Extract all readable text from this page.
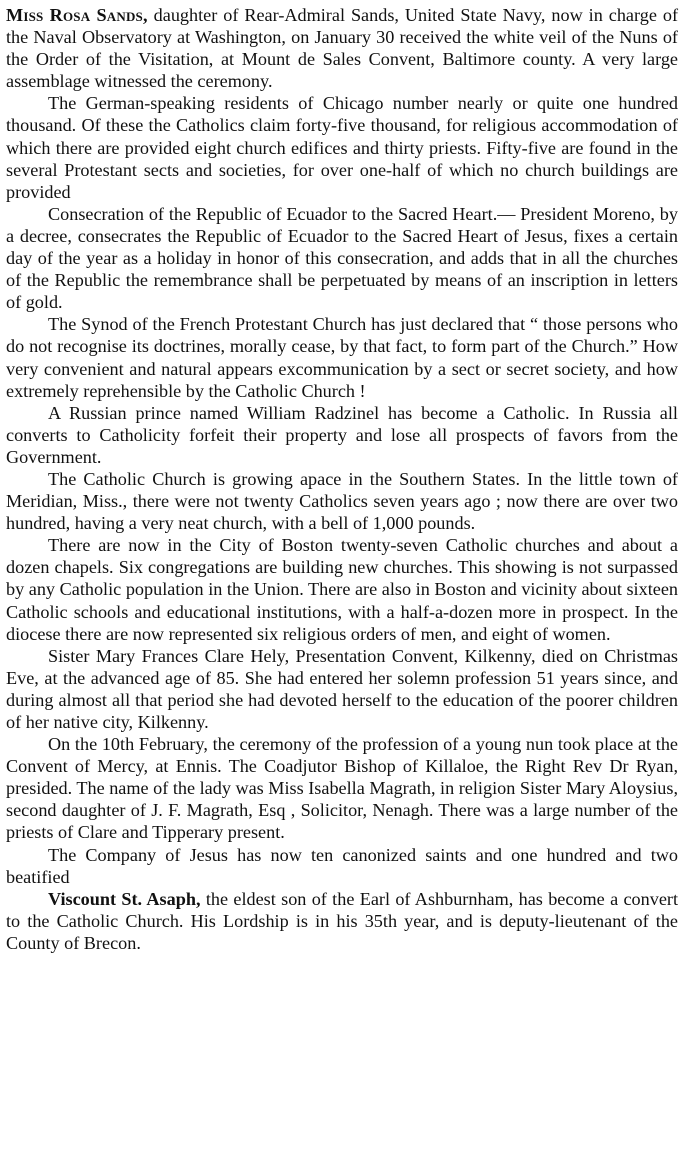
Miss Rosa Sands, daughter of Rear-Admiral Sands, United State Navy, now in charge of the Naval Observatory at Washington, on January 30 received the white veil of the Nuns of the Order of the Visitation, at Mount de Sales Convent, Baltimore county. A very large assemblage witnessed the ceremony.

The German-speaking residents of Chicago number nearly or quite one hundred thousand. Of these the Catholics claim forty-five thousand, for religious accommodation of which there are provided eight church edifices and thirty priests. Fifty-five are found in the several Protestant sects and societies, for over one-half of which no church buildings are provided

Consecration of the Republic of Ecuador to the Sacred Heart.— President Moreno, by a decree, consecrates the Republic of Ecuador to the Sacred Heart of Jesus, fixes a certain day of the year as a holiday in honor of this consecration, and adds that in all the churches of the Republic the remembrance shall be perpetuated by means of an inscription in letters of gold.

The Synod of the French Protestant Church has just declared that “ those persons who do not recognise its doctrines, morally cease, by that fact, to form part of the Church.” How very convenient and natural appears excommunication by a sect or secret society, and how extremely reprehensible by the Catholic Church !

A Russian prince named William Radzinel has become a Catholic. In Russia all converts to Catholicity forfeit their property and lose all prospects of favors from the Government.

The Catholic Church is growing apace in the Southern States. In the little town of Meridian, Miss., there were not twenty Catholics seven years ago ; now there are over two hundred, having a very neat church, with a bell of 1,000 pounds.

There are now in the City of Boston twenty-seven Catholic churches and about a dozen chapels. Six congregations are building new churches. This showing is not surpassed by any Catholic population in the Union. There are also in Boston and vicinity about sixteen Catholic schools and educational institutions, with a half-a-dozen more in prospect. In the diocese there are now represented six religious orders of men, and eight of women.

Sister Mary Frances Clare Hely, Presentation Convent, Kilkenny, died on Christmas Eve, at the advanced age of 85. She had entered her solemn profession 51 years since, and during almost all that period she had devoted herself to the education of the poorer children of her native city, Kilkenny.

On the 10th February, the ceremony of the profession of a young nun took place at the Convent of Mercy, at Ennis. The Coadjutor Bishop of Killaloe, the Right Rev Dr Ryan, presided. The name of the lady was Miss Isabella Magrath, in religion Sister Mary Aloysius, second daughter of J. F. Magrath, Esq , Solicitor, Nenagh. There was a large number of the priests of Clare and Tipperary present.

The Company of Jesus has now ten canonized saints and one hundred and two beatified

Viscount St. Asaph, the eldest son of the Earl of Ashburnham, has become a convert to the Catholic Church. His Lordship is in his 35th year, and is deputy-lieutenant of the County of Brecon.
